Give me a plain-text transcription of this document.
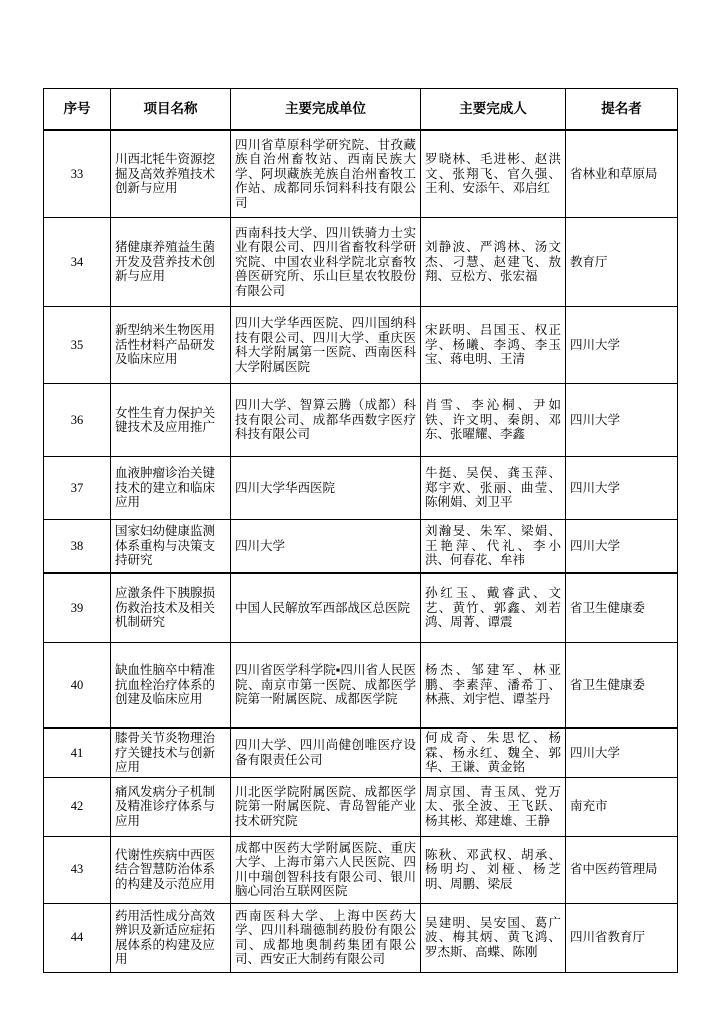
序号	项目名称	主要完成单位	主要完成人	提名者
33	川西北牦牛资源挖掘及高效养殖技术创新与应用	四川省草原科学研究院、甘孜藏族自治州畜牧站、西南民族大学、阿坝藏族羌族自治州畜牧工作站、成都同乐饲料科技有限公司	罗晓林、毛进彬、赵洪文、张翔飞、官久强、王利、安添午、邓启红	省林业和草原局
34	猪健康养殖益生菌开发及营养技术创新与应用	西南科技大学、四川铁骑力士实业有限公司、四川省畜牧科学研究院、中国农业科学院北京畜牧兽医研究所、乐山巨星农牧股份有限公司	刘静波、严鸿林、汤文杰、刁慧、赵建飞、敖翔、豆松方、张宏福	教育厅
35	新型纳米生物医用活性材料产品研发及临床应用	四川大学华西医院、四川国纳科技有限公司、四川大学、重庆医科大学附属第一医院、西南医科大学附属医院	宋跃明、吕国玉、权正学、杨曦、李鸿、李玉宝、蒋电明、王清	四川大学
36	女性生育力保护关键技术及应用推广	四川大学、智算云腾（成都）科技有限公司、成都华西数字医疗科技有限公司	肖雪、李沁桐、尹如铁、许文明、秦朗、邓东、张曜耀、李鑫	四川大学
37	血液肿瘤诊治关键技术的建立和临床应用	四川大学华西医院	牛挺、吴俣、龚玉萍、郑宇欢、张丽、曲莹、陈俐娟、刘卫平	四川大学
38	国家妇幼健康监测体系重构与决策支持研究	四川大学	刘瀚旻、朱军、梁娟、王艳萍、代礼、李小洪、何春花、牟祎	四川大学
39	应激条件下胰腺损伤救治技术及相关机制研究	中国人民解放军西部战区总医院	孙红玉、戴睿武、文艺、黄竹、郭鑫、刘若鸿、周菁、谭震	省卫生健康委
40	缺血性脑卒中精准抗血栓治疗体系的创建及临床应用	四川省医学科学院▪四川省人民医院、南京市第一医院、成都医学院第一附属医院、成都医学院	杨杰、邹建军、林亚鹏、李素萍、潘希丁、林燕、刘宇恺、谭荃丹	省卫生健康委
41	膝骨关节炎物理治疗关键技术与创新应用	四川大学、四川尚健创唯医疗设备有限责任公司	何成奇、朱思忆、杨霖、杨永红、魏全、郭华、王谦、黄金铭	四川大学
42	痛风发病分子机制及精准诊疗体系与应用	川北医学院附属医院、成都医学院第一附属医院、青岛智能产业技术研究院	周京国、青玉凤、党万太、张全波、王飞跃、杨其彬、郑建雄、王静	南充市
43	代谢性疾病中西医结合智慧防治体系的构建及示范应用	成都中医药大学附属医院、重庆大学、上海市第六人民医院、四川中瑞创智科技有限公司、银川脑心同治互联网医院	陈秋、邓武权、胡承、杨明均、刘桠、杨芝明、周鹏、梁辰	省中医药管理局
44	药用活性成分高效辨识及新适应症拓展体系的构建及应用	西南医科大学、上海中医药大学、四川科瑞德制药股份有限公司、成都地奥制药集团有限公司、西安正大制药有限公司	吴建明、吴安国、葛广波、梅其炳、黄飞鸿、罗杰斯、高蝶、陈刚	四川省教育厅
